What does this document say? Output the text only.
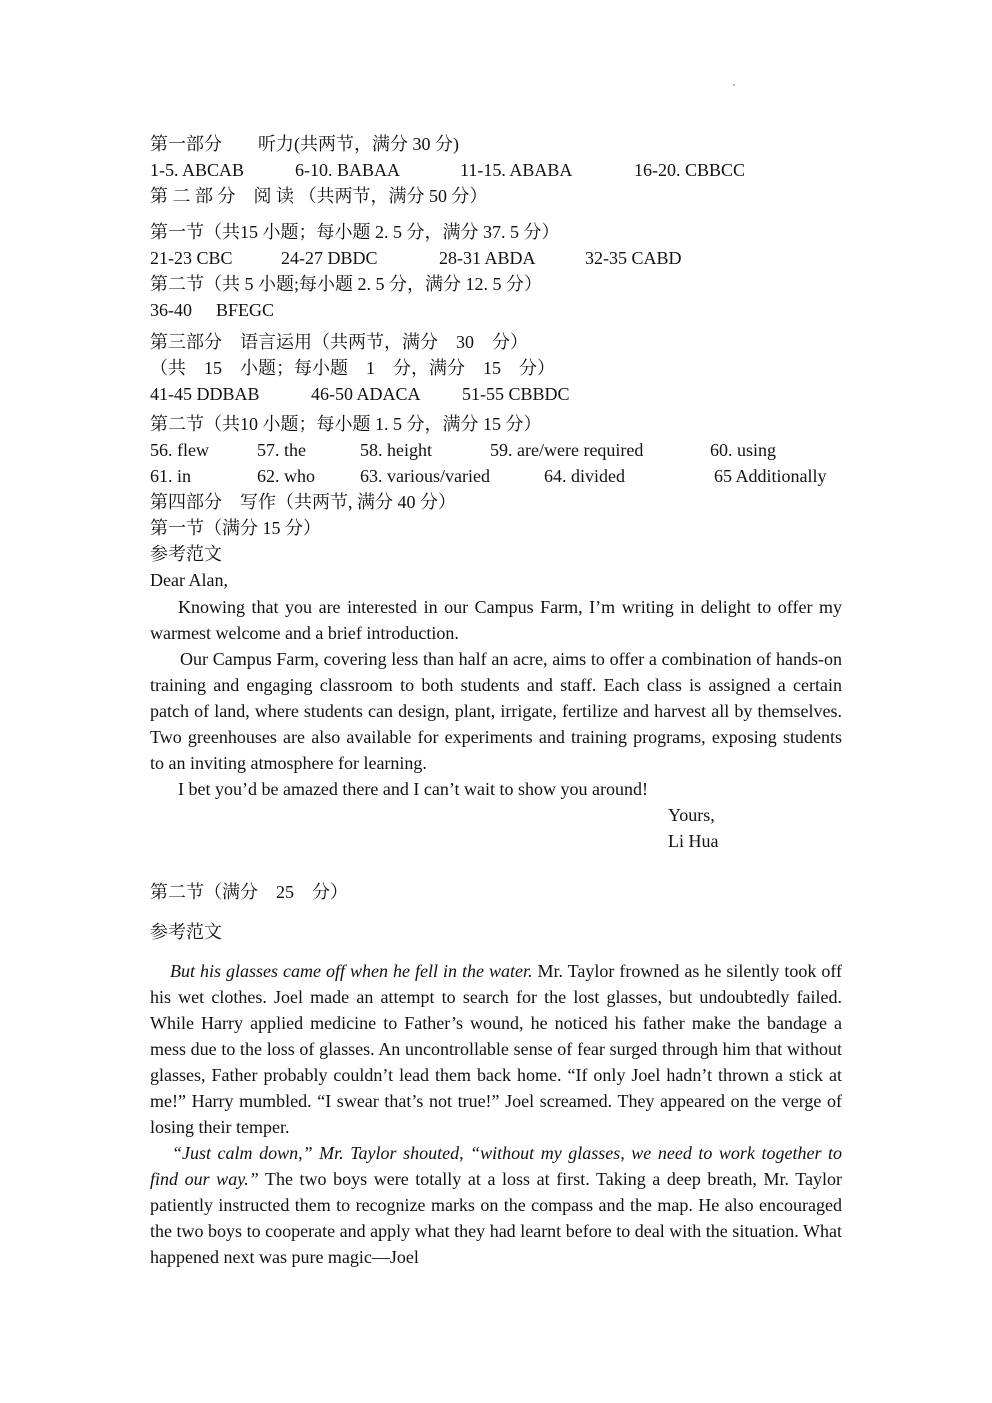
第一部分　　听力(共两节，满分 30 分)
1-5. ABCAB	6-10. BABAA	11-15. ABABA	16-20. CBBCC
第 二 部 分　阅 读 （共两节，满分 50 分）
第一节（共15 小题；每小题 2. 5 分，满分 37. 5 分）
21-23 CBC	24-27 DBDC	28-31 ABDA	32-35 CABD
第二节（共 5 小题;每小题 2. 5 分，满分 12. 5 分）
36-40 BFEGC
第三部分　语言运用（共两节，满分　30　分）
（共　15　小题；每小题　1　分，满分　15　分）
41-45 DDBAB	46-50 ADACA 51-55 CBBDC
第二节（共10 小题；每小题 1. 5 分，满分 15 分）
56. flew	57. the	58. height	59. are/were required	60. using
61. in	62. who	63. various/varied	64. divided	65 Additionally
第四部分　写作（共两节, 满分 40 分）
第一节（满分 15 分）
参考范文
Dear Alan,

Knowing that you are interested in our Campus Farm, I’m writing in delight to offer my warmest welcome and a brief introduction.

Our Campus Farm, covering less than half an acre, aims to offer a combination of hands-on training and engaging classroom to both students and staff. Each class is assigned a certain patch of land, where students can design, plant, irrigate, fertilize and harvest all by themselves. Two greenhouses are also available for experiments and training programs, exposing students to an inviting atmosphere for learning.

I bet you’d be amazed there and I can’t wait to show you around!

Yours,
Li Hua
第二节（满分　25　分）
参考范文

But his glasses came off when he fell in the water. Mr. Taylor frowned as he silently took off his wet clothes. Joel made an attempt to search for the lost glasses, but undoubtedly failed. While Harry applied medicine to Father’s wound, he noticed his father make the bandage a mess due to the loss of glasses. An uncontrollable sense of fear surged through him that without glasses, Father probably couldn’t lead them back home. “If only Joel hadn’t thrown a stick at me!” Harry mumbled. “I swear that’s not true!” Joel screamed. They appeared on the verge of losing their temper.

“Just calm down,” Mr. Taylor shouted, “without my glasses, we need to work together to find our way.” The two boys were totally at a loss at first. Taking a deep breath, Mr. Taylor patiently instructed them to recognize marks on the compass and the map. He also encouraged the two boys to cooperate and apply what they had learnt before to deal with the situation. What happened next was pure magic—Joel
